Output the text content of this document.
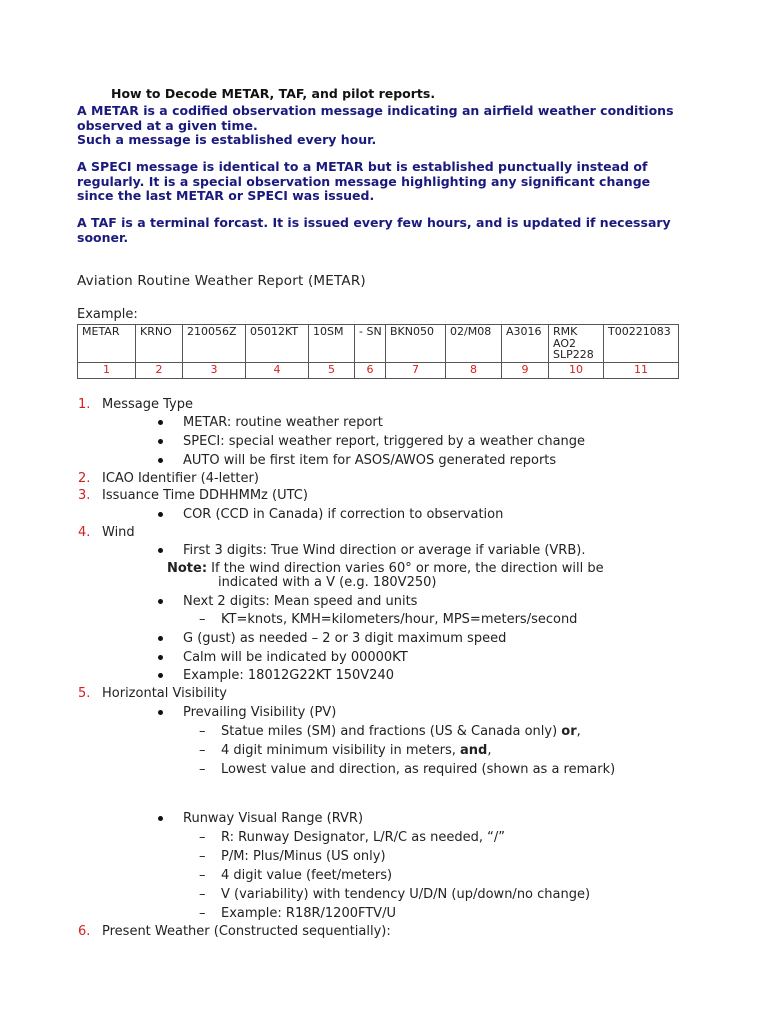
How to Decode METAR, TAF, and pilot reports.
A METAR is a codified observation message indicating an airfield weather conditions
observed at a given time.
Such a message is established every hour.
A SPECI message is identical to a METAR but is established punctually instead of
regularly. It is a special observation message highlighting any significant change
since the last METAR or SPECI was issued.
A TAF is a terminal forcast. It is issued every few hours, and is updated if necessary
sooner.
Aviation Routine Weather Report (METAR)
Example:
METAR	KRNO	210056Z	05012KT	10SM	- SN	BKN050	02/M08	A3016	RMK AO2 SLP228	T00221083
1	2	3	4	5	6	7	8	9	10	11
1. Message Type
METAR: routine weather report
SPECI: special weather report, triggered by a weather change
AUTO will be first item for ASOS/AWOS generated reports
2. ICAO Identifier (4-letter)
3. Issuance Time DDHHMMz (UTC)
COR (CCD in Canada) if correction to observation
4. Wind
First 3 digits: True Wind direction or average if variable (VRB).
Note: If the wind direction varies 60° or more, the direction will be
indicated with a V (e.g. 180V250)
Next 2 digits: Mean speed and units
– KT=knots, KMH=kilometers/hour, MPS=meters/second
G (gust) as needed – 2 or 3 digit maximum speed
Calm will be indicated by 00000KT
Example: 18012G22KT 150V240
5. Horizontal Visibility
Prevailing Visibility (PV)
– Statue miles (SM) and fractions (US & Canada only) or,
– 4 digit minimum visibility in meters, and,
– Lowest value and direction, as required (shown as a remark)
Runway Visual Range (RVR)
– R: Runway Designator, L/R/C as needed, “/”
– P/M: Plus/Minus (US only)
– 4 digit value (feet/meters)
– V (variability) with tendency U/D/N (up/down/no change)
– Example: R18R/1200FTV/U
6. Present Weather (Constructed sequentially):
